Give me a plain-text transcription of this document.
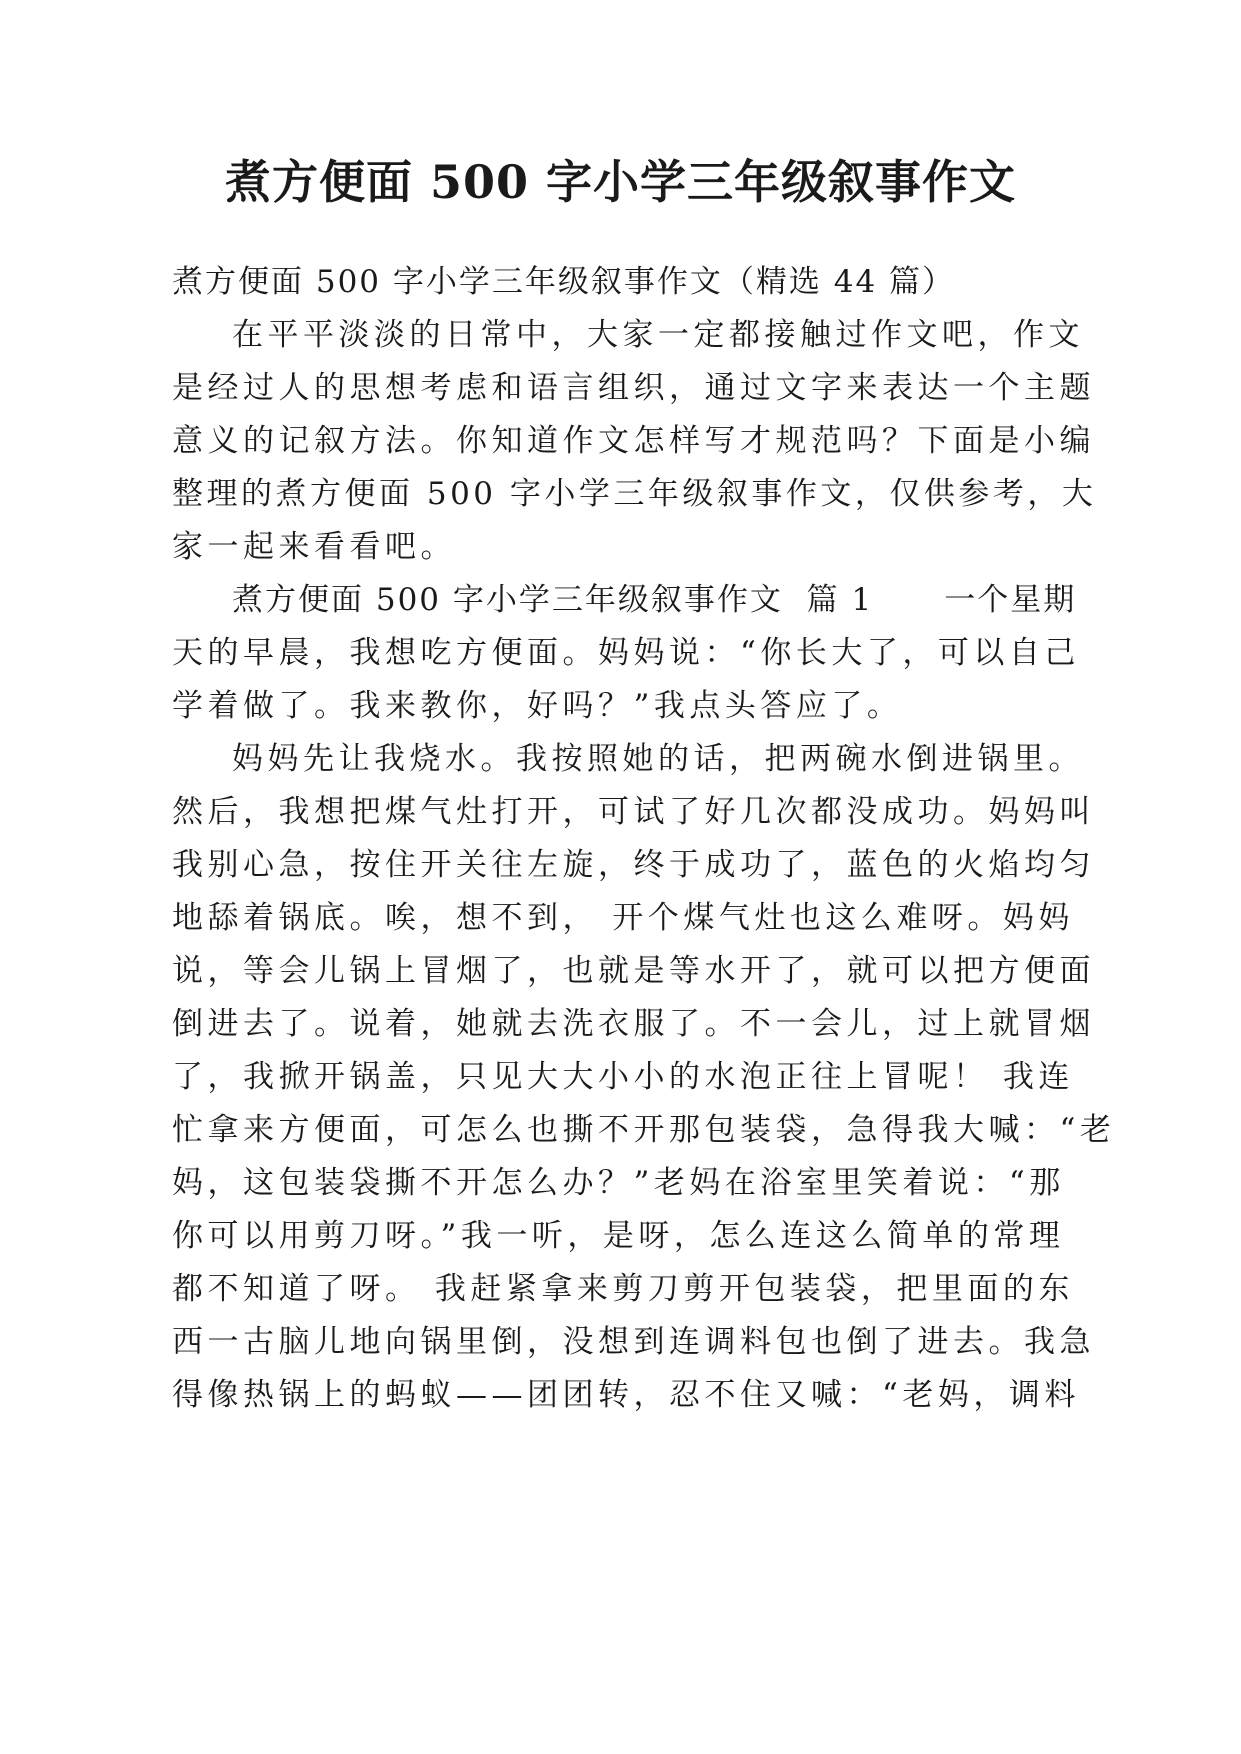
煮方便面 500 字小学三年级叙事作文
煮方便面 500 字小学三年级叙事作文（精选 44 篇）
在平平淡淡的日常中，大家一定都接触过作文吧，作文
是经过人的思想考虑和语言组织，通过文字来表达一个主题
意义的记叙方法。你知道作文怎样写才规范吗？下面是小编
整理的煮方便面 500 字小学三年级叙事作文，仅供参考，大
家一起来看看吧。
煮方便面 500 字小学三年级叙事作文  篇 1      一个星期
天的早晨，我想吃方便面。妈妈说：“你长大了，可以自己
学着做了。我来教你，好吗？”我点头答应了。
妈妈先让我烧水。我按照她的话，把两碗水倒进锅里。
然后，我想把煤气灶打开，可试了好几次都没成功。妈妈叫
我别心急，按住开关往左旋，终于成功了，蓝色的火焰均匀
地舔着锅底。唉，想不到， 开个煤气灶也这么难呀。妈妈
说，等会儿锅上冒烟了，也就是等水开了，就可以把方便面
倒进去了。说着，她就去洗衣服了。不一会儿，过上就冒烟
了，我掀开锅盖，只见大大小小的水泡正往上冒呢！ 我连
忙拿来方便面，可怎么也撕不开那包装袋，急得我大喊：“老
妈，这包装袋撕不开怎么办？”老妈在浴室里笑着说：“那
你可以用剪刀呀。”我一听，是呀，怎么连这么简单的常理
都不知道了呀。 我赶紧拿来剪刀剪开包装袋，把里面的东
西一古脑儿地向锅里倒，没想到连调料包也倒了进去。我急
得像热锅上的蚂蚁——团团转，忍不住又喊：“老妈，调料
